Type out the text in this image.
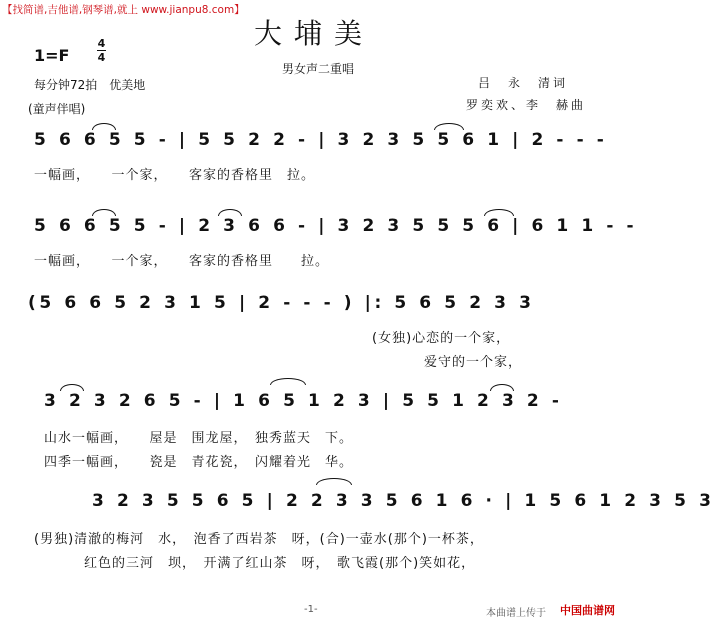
【找简谱,吉他谱,钢琴谱,就上 www.jianpu8.com】
大埔美
男女声二重唱
1=F
4
4
每分钟72拍　优美地
(童声伴唱)
吕　永　清词
罗奕欢、李　赫曲
5 6 6 5 5 - | 5 5 2 2 - | 3 2 3 5 5 6 1 | 2 - - -
一幅画，　　一个家，　　客家的香格里　拉。
5 6 6 5 5 - | 2 3 6 6 - | 3 2 3 5 5 5 6 | 6 1 1 - -
一幅画，　　一个家，　　客家的香格里　　拉。
(5 6 6 5 2 3 1 5 | 2 - - - ) |: 5 6 5 2 3 3
(女独)心恋的一个家，
爱守的一个家，
3 2 3 2 6 5 - | 1 6 5 1 2 3 | 5 5 1 2 3 2 -
山水一幅画，　　屋是　围龙屋，　独秀蓝天　下。
四季一幅画，　　瓷是　青花瓷，　闪耀着光　华。
3 2 3 5 5 6 5 | 2 2 3 3 5 6 1 6 · | 1 5 6 1 2 3 5 3
(男独)清澈的梅河　水，　泡香了西岩茶　呀，(合)一壶水(那个)一杯茶，
红色的三河　坝，　开满了红山茶　呀，　歌飞霞(那个)笑如花，
-1-	本曲谱上传于 中国曲谱网
